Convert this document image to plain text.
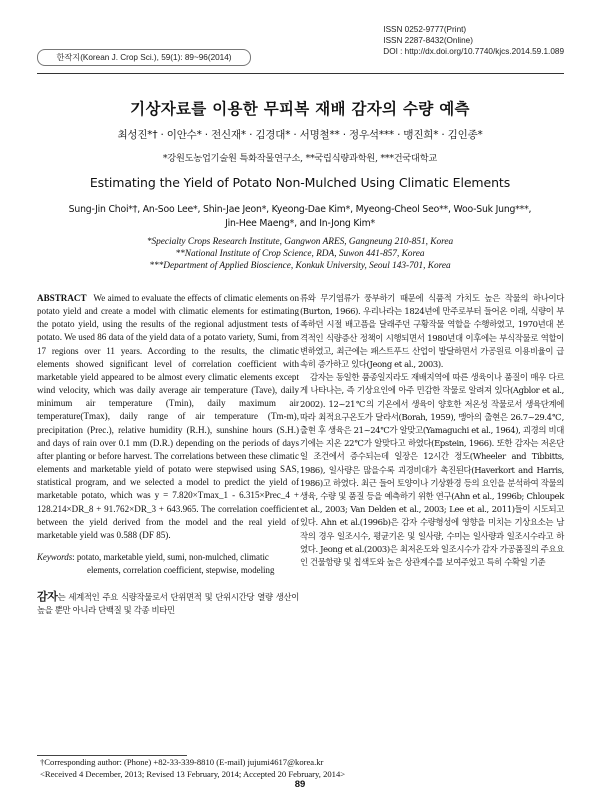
ISSN 0252-9777(Print)
ISSN 2287-8432(Online)
DOI : http://dx.doi.org/10.7740/kjcs.2014.59.1.089
한작지(Korean J. Crop Sci.), 59(1): 89~96(2014)
기상자료를 이용한 무피복 재배 감자의 수량 예측
최성진*† · 이안수* · 전신재* · 김경대* · 서명철** · 정우석*** · 맹진희* · 김인종*
*강원도농업기술원 특화작물연구소, **국립식량과학원, ***건국대학교
Estimating the Yield of Potato Non-Mulched Using Climatic Elements
Sung-Jin Choi*†, An-Soo Lee*, Shin-Jae Jeon*, Kyeong-Dae Kim*, Myeong-Cheol Seo**, Woo-Suk Jung***,
Jin-Hee Maeng*, and In-Jong Kim*
*Specialty Crops Research Institute, Gangwon ARES, Gangneung 210-851, Korea
**National Institute of Crop Science, RDA, Suwon 441-857, Korea
***Department of Applied Bioscience, Konkuk University, Seoul 143-701, Korea

ABSTRACT We aimed to evaluate the effects of climatic elements on potato yield and create a model with climatic elements for estimating the potato yield, using the results of the regional adjustment tests of potato. We used 86 data of the yield data of a potato variety, Sumi, from 17 regions over 11 years. According to the results, the climatic elements showed significant level of correlation coefficient with marketable yield appeared to be almost every climatic elements except wind velocity, which was daily average air temperature (Tave), daily minimum air temperature (Tmin), daily maximum air temperature(Tmax), daily range of air temperature (Tm-m), precipitation (Prec.), relative humidity (R.H.), sunshine hours (S.H.) and days of rain over 0.1 mm (D.R.) depending on the periods of days after planting or before harvest. The correlations between these climatic elements and marketable yield of potato were stepwised using SAS, statistical program, and we selected a model to predict the yield of marketable potato, which was y = 7.820×Tmax_1 - 6.315×Prec_4 + 128.214×DR_8 + 91.762×DR_3 + 643.965. The correlation coefficient between the yield derived from the model and the real yield of marketable yield was 0.588 (DF 85).

Keywords: potato, marketable yield, sumi, non-mulched, climatic
elements, correlation coefficient, stepwise, modeling

감자는 세계적인 주요 식량작물로서 단위면적 및 단위시간당 열량 생산이 높을 뿐만 아니라 단백질 및 각종 비타민

류와 무기염류가 풍부하기 때문에 식품적 가치도 높은 작물의 하나이다(Burton, 1966). 우리나라는 1824년에 만주로부터 들어온 이래, 식량이 부족하던 시절 배고픔을 달래주던 구황작물 역할을 수행하였고, 1970년대 본격적인 식량증산 정책이 시행되면서 1980년대 이후에는 부식작물로 역할이 변하였고, 최근에는 패스트푸드 산업이 발달하면서 가공원료 이용비율이 급속히 증가하고 있다(Jeong et al., 2003).

감자는 동일한 품종일지라도 재배지역에 따른 생육이나 품질이 매우 다르게 나타나는, 즉 기상요인에 아주 민감한 작물로 알려져 있다(Agblor et al., 2002). 12~21℃의 기온에서 생육이 양호한 저온성 작물로서 생육단계에 따라 최적요구온도가 달라서(Borah, 1959), 맹아의 출현은 26.7~29.4℃, 출현 후 생육은 21~24℃가 알맞고(Yamaguchi et al., 1964), 괴경의 비대기에는 지온 22℃가 알맞다고 하였다(Epstein, 1966). 또한 감자는 저온단일 조건에서 증수되는데 일장은 12시간 정도(Wheeler and Tibbitts, 1986), 일사량은 많을수록 괴경비대가 촉진된다(Haverkort and Harris, 1986)고 하였다. 최근 들어 토양이나 기상환경 등의 요인을 분석하여 작물의 생육, 수량 및 품질 등을 예측하기 위한 연구(Ahn et al., 1996b; Chloupek et al., 2003; Van Delden et al., 2003; Lee et al., 2011)들이 시도되고 있다. Ahn et al.(1996b)은 감자 수량형성에 영향을 미치는 기상요소는 남작의 경우 일조시수, 평균기온 및 일사량, 수미는 일사량과 일조시수라고 하였다. Jeong et al.(2003)은 최저온도와 일조시수가 감자 가공품질의 주요요인 건물함량 및 칩색도와 높은 상관계수를 보여주었고 특히 수확일 기준

†Corresponding author: (Phone) +82-33-339-8810 (E-mail) jujumi4617@korea.kr
<Received 4 December, 2013; Revised 13 February, 2014; Accepted 20 February, 2014>
89
